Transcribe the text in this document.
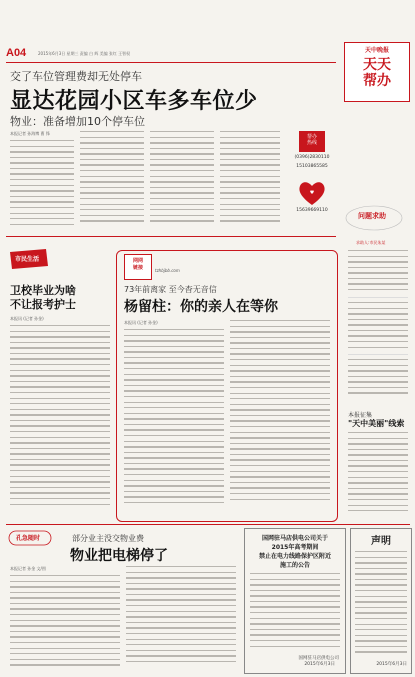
A04	2015年6月3日 星期三 责编 白 辉 美编 张红 王智权	天中晚报
天天帮办
交了车位管理费却无处停车
显达花园小区车多车位少
物业：准备增加10个停车位
本报记者 孙海博 曹 锋
帮办热线
(0396)2830110
15103865585
♥
15639669110
问题求助
求助人:市民朱某
市民生活
卫校毕业为啥
不让报考护士
本报讯 (记者 孙金)
网网链接	tzhbjbb.com
73年前离家 至今杳无音信
杨留柱：你的亲人在等你
本报讯 (记者 孙金)
本报征集
"天中美丽"线索
孔急随时	部分业主没交物业费
物业把电梯停了
本报记者 孙金 文/图
国网驻马店供电公司关于
2015年高考期间
禁止在电力线路保护区附近
施工的公告
国网驻马店供电公司
2015年6月3日
声明
2015年6月3日
